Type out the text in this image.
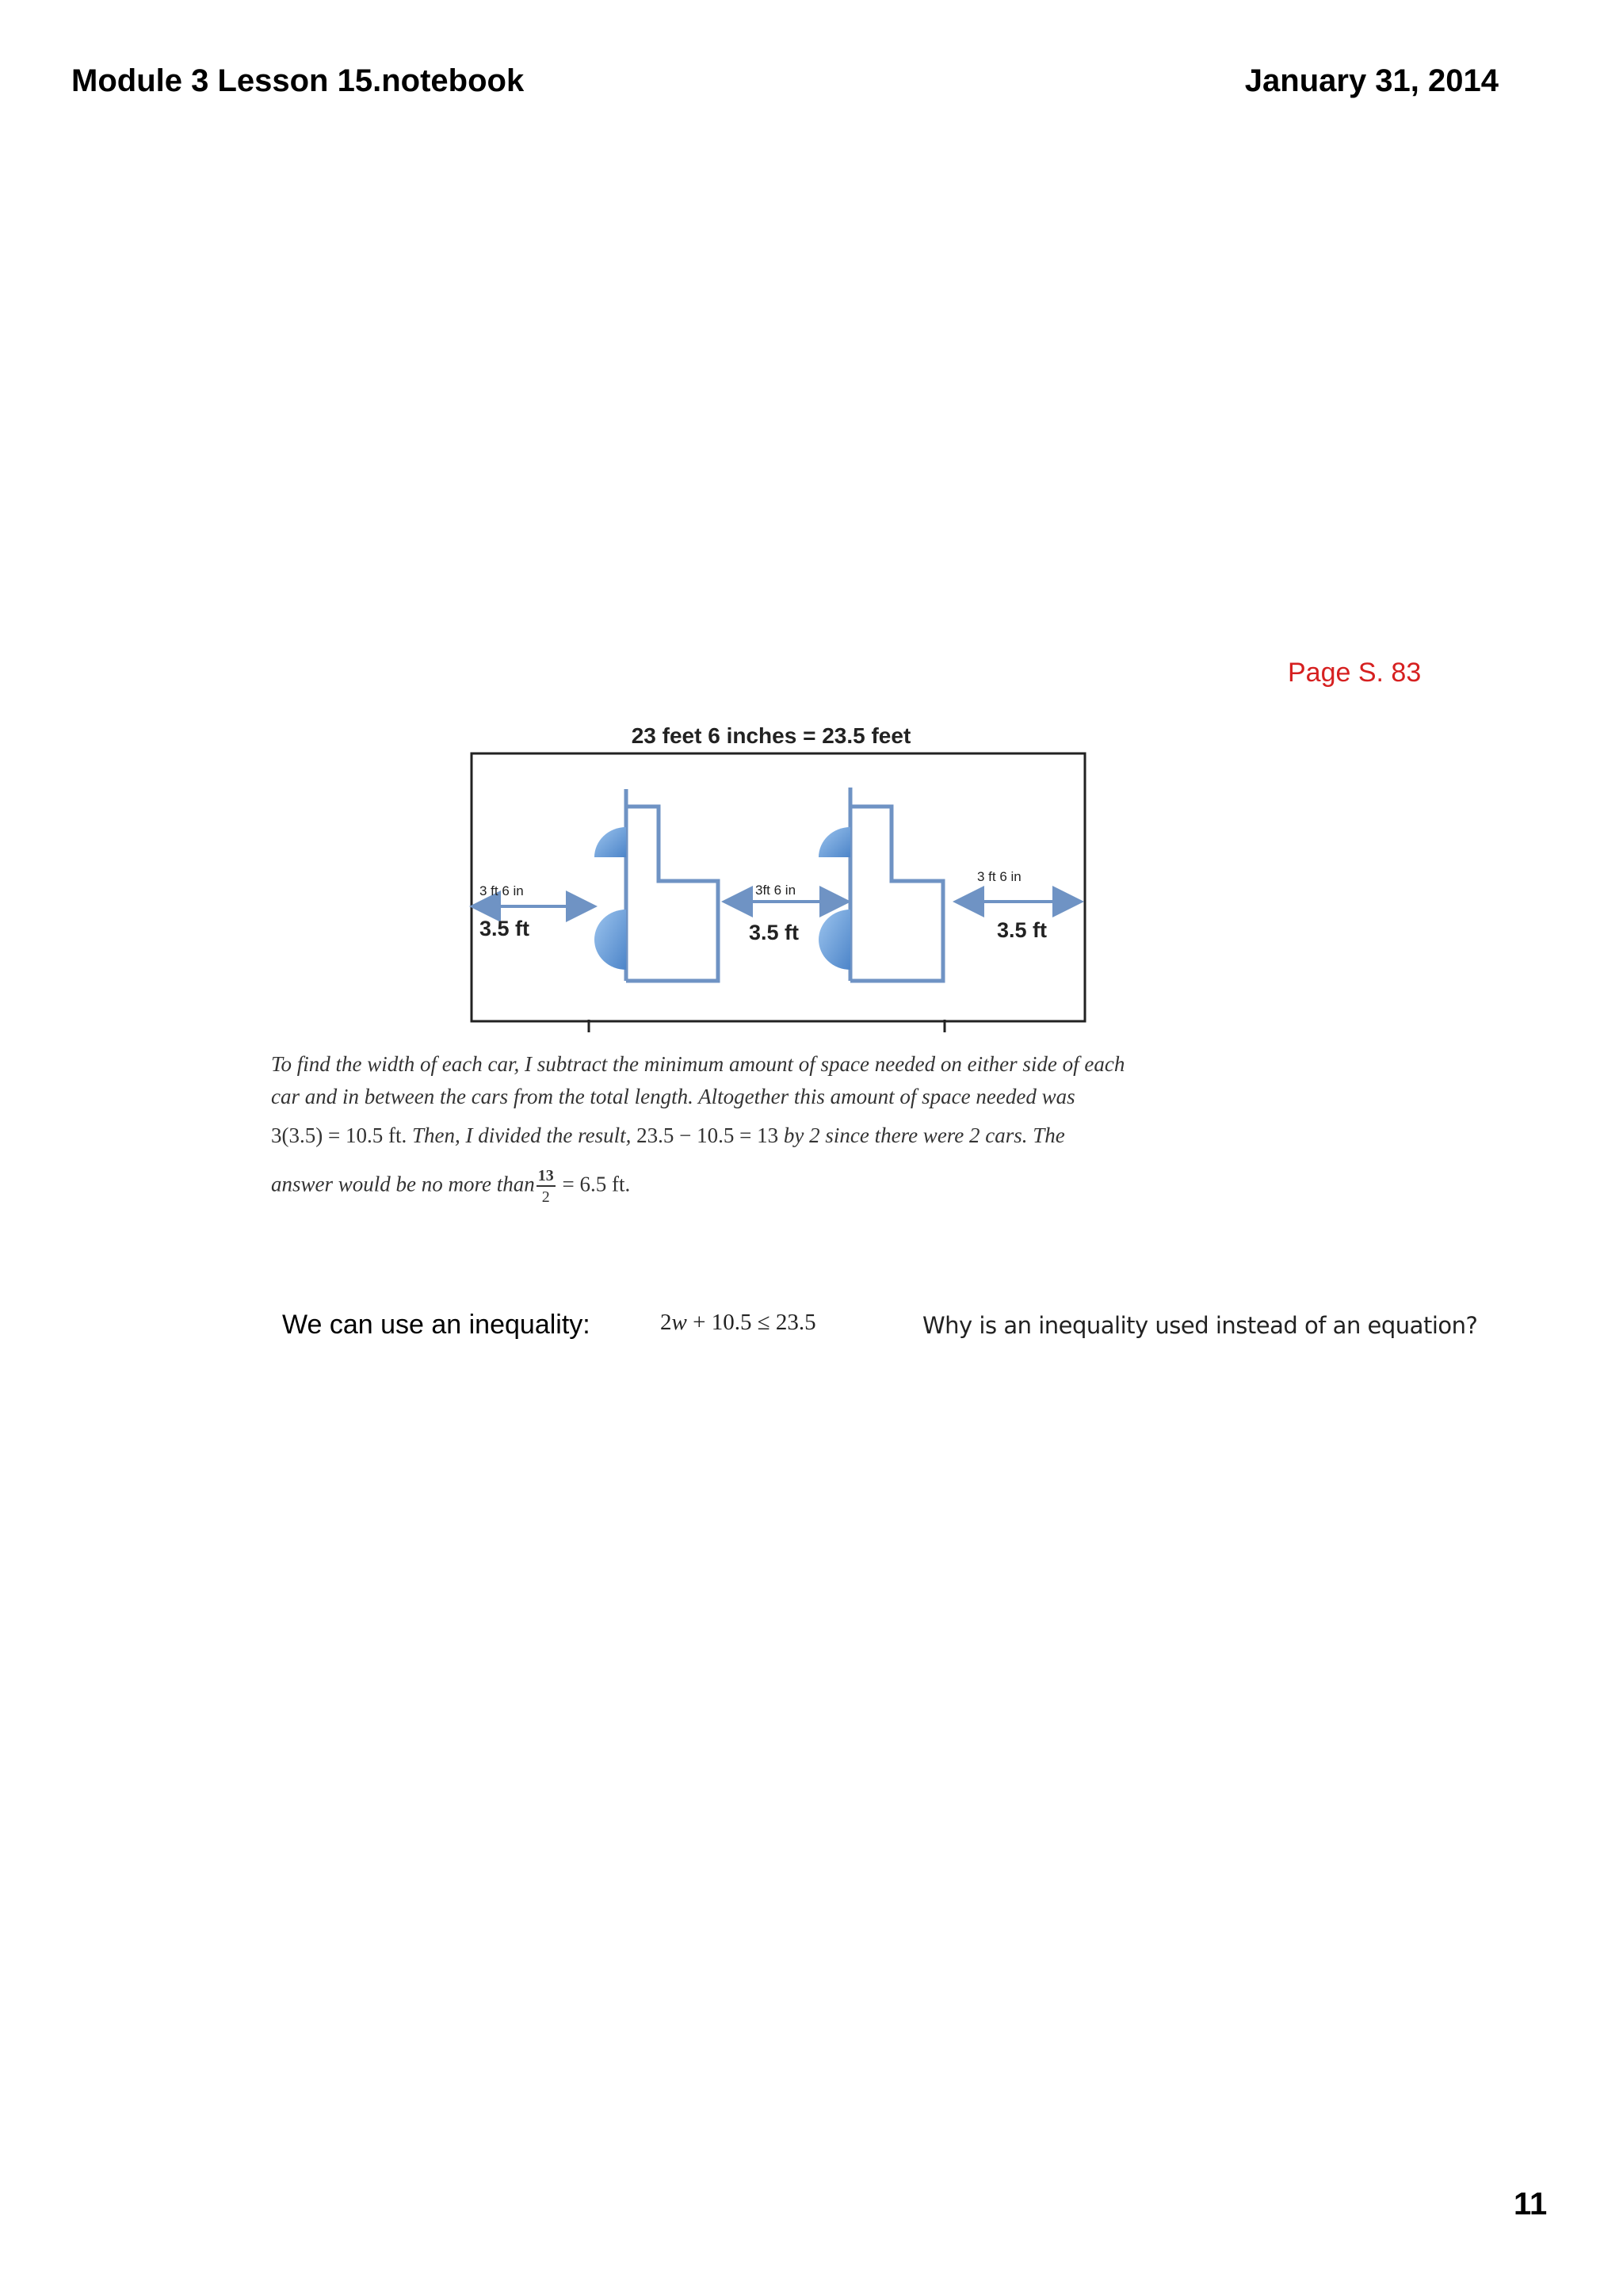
Module 3 Lesson 15.notebook	January 31, 2014
Page S. 83
23 feet 6 inches = 23.5 feet
3 ft 6 in
3.5 ft
3ft 6 in
3.5 ft
3 ft 6 in
3.5 ft
To find the width of each car, I subtract the minimum amount of space needed on either side of each
car and in between the cars from the total length. Altogether this amount of space needed was
3(3.5) = 10.5 ft. Then, I divided the result, 23.5 − 10.5 = 13 by 2 since there were 2 cars. The
answer would be no more than $\frac{13}{2} = 6.5$ ft.
We can use an inequality:	2w + 10.5 ≤ 23.5	Why is an inequality used instead of an equation?
11
